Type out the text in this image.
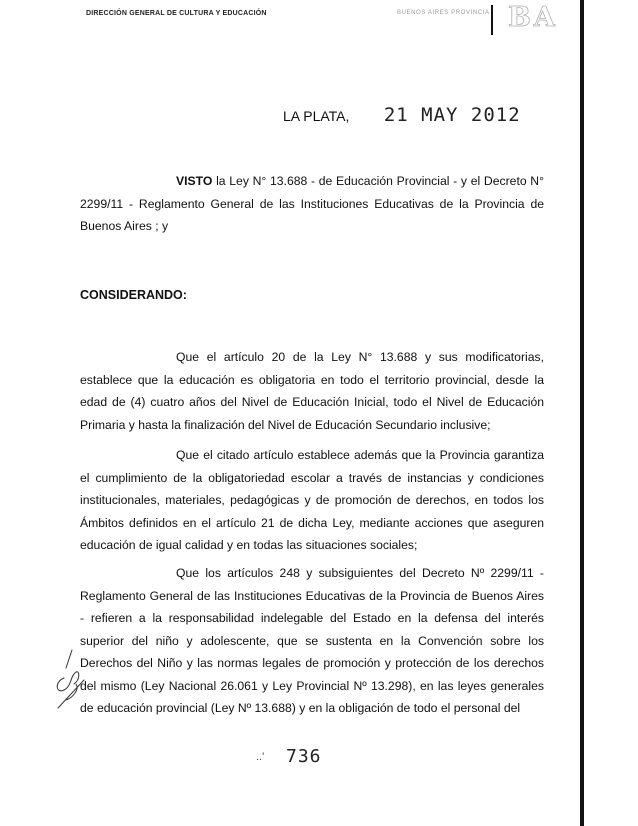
DIRECCIÓN GENERAL DE CULTURA Y EDUCACIÓN	BUENOS AIRES PROVINCIA BA
LA PLATA, 21 MAY 2012

VISTO la Ley N° 13.688 - de Educación Provincial - y el Decreto N° 2299/11 - Reglamento General de las Instituciones Educativas de la Provincia de Buenos Aires ; y

CONSIDERANDO:

Que el artículo 20 de la Ley N° 13.688 y sus modificatorias, establece que la educación es obligatoria en todo el territorio provincial, desde la edad de (4) cuatro años del Nivel de Educación Inicial, todo el Nivel de Educación Primaria y hasta la finalización del Nivel de Educación Secundario inclusive;

Que el citado artículo establece además que la Provincia garantiza el cumplimiento de la obligatoriedad escolar a través de instancias y condiciones institucionales, materiales, pedagógicas y de promoción de derechos, en todos los Ámbitos definidos en el artículo 21 de dicha Ley, mediante acciones que aseguren educación de igual calidad y en todas las situaciones sociales;

Que los artículos 248 y subsiguientes del Decreto Nº 2299/11 - Reglamento General de las Instituciones Educativas de la Provincia de Buenos Aires - refieren a la responsabilidad indelegable del Estado en la defensa del interés superior del niño y adolescente, que se sustenta en la Convención sobre los Derechos del Niño y las normas legales de promoción y protección de los derechos del mismo (Ley Nacional 26.061 y Ley Provincial Nº 13.298), en las leyes generales de educación provincial (Ley Nº 13.688) y en la obligación de todo el personal del

..' 736
